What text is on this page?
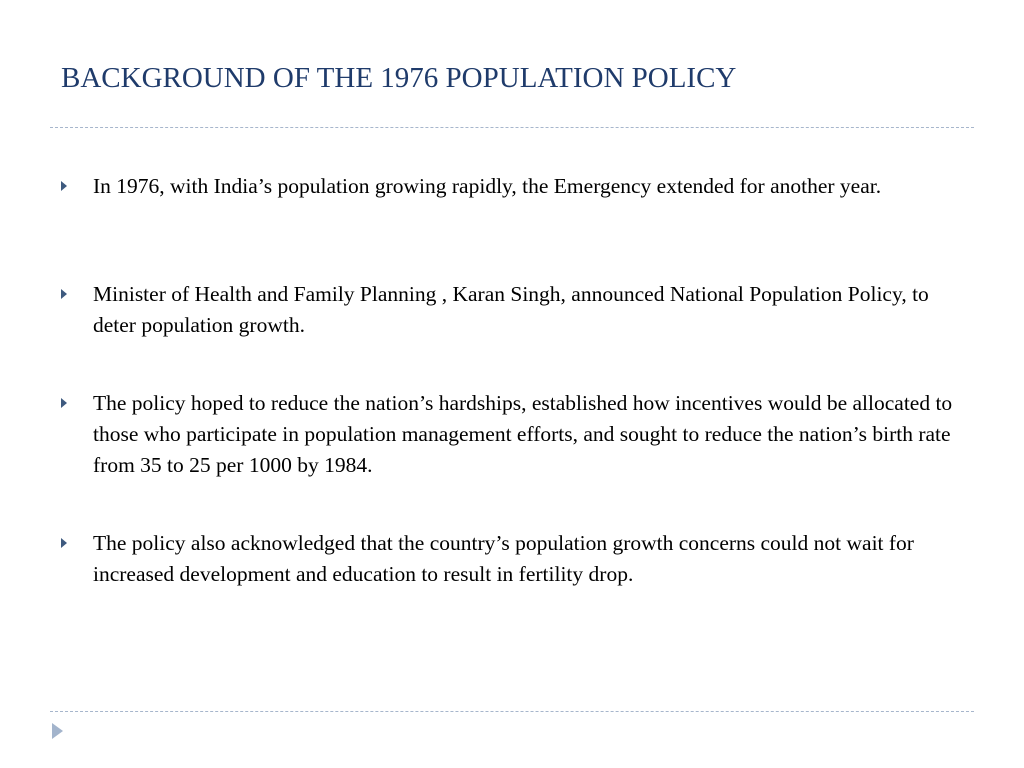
BACKGROUND OF THE 1976 POPULATION POLICY
In 1976, with India’s population growing rapidly, the Emergency extended for another year.
Minister of Health and Family Planning , Karan Singh, announced National Population Policy, to deter population growth.
The policy hoped to reduce the nation’s hardships, established how incentives would be allocated to those who participate in population management efforts, and sought to reduce the nation’s birth rate from 35 to 25 per 1000 by 1984.
The policy also acknowledged that the country’s population growth concerns could not wait for increased development and education to result in fertility drop.
